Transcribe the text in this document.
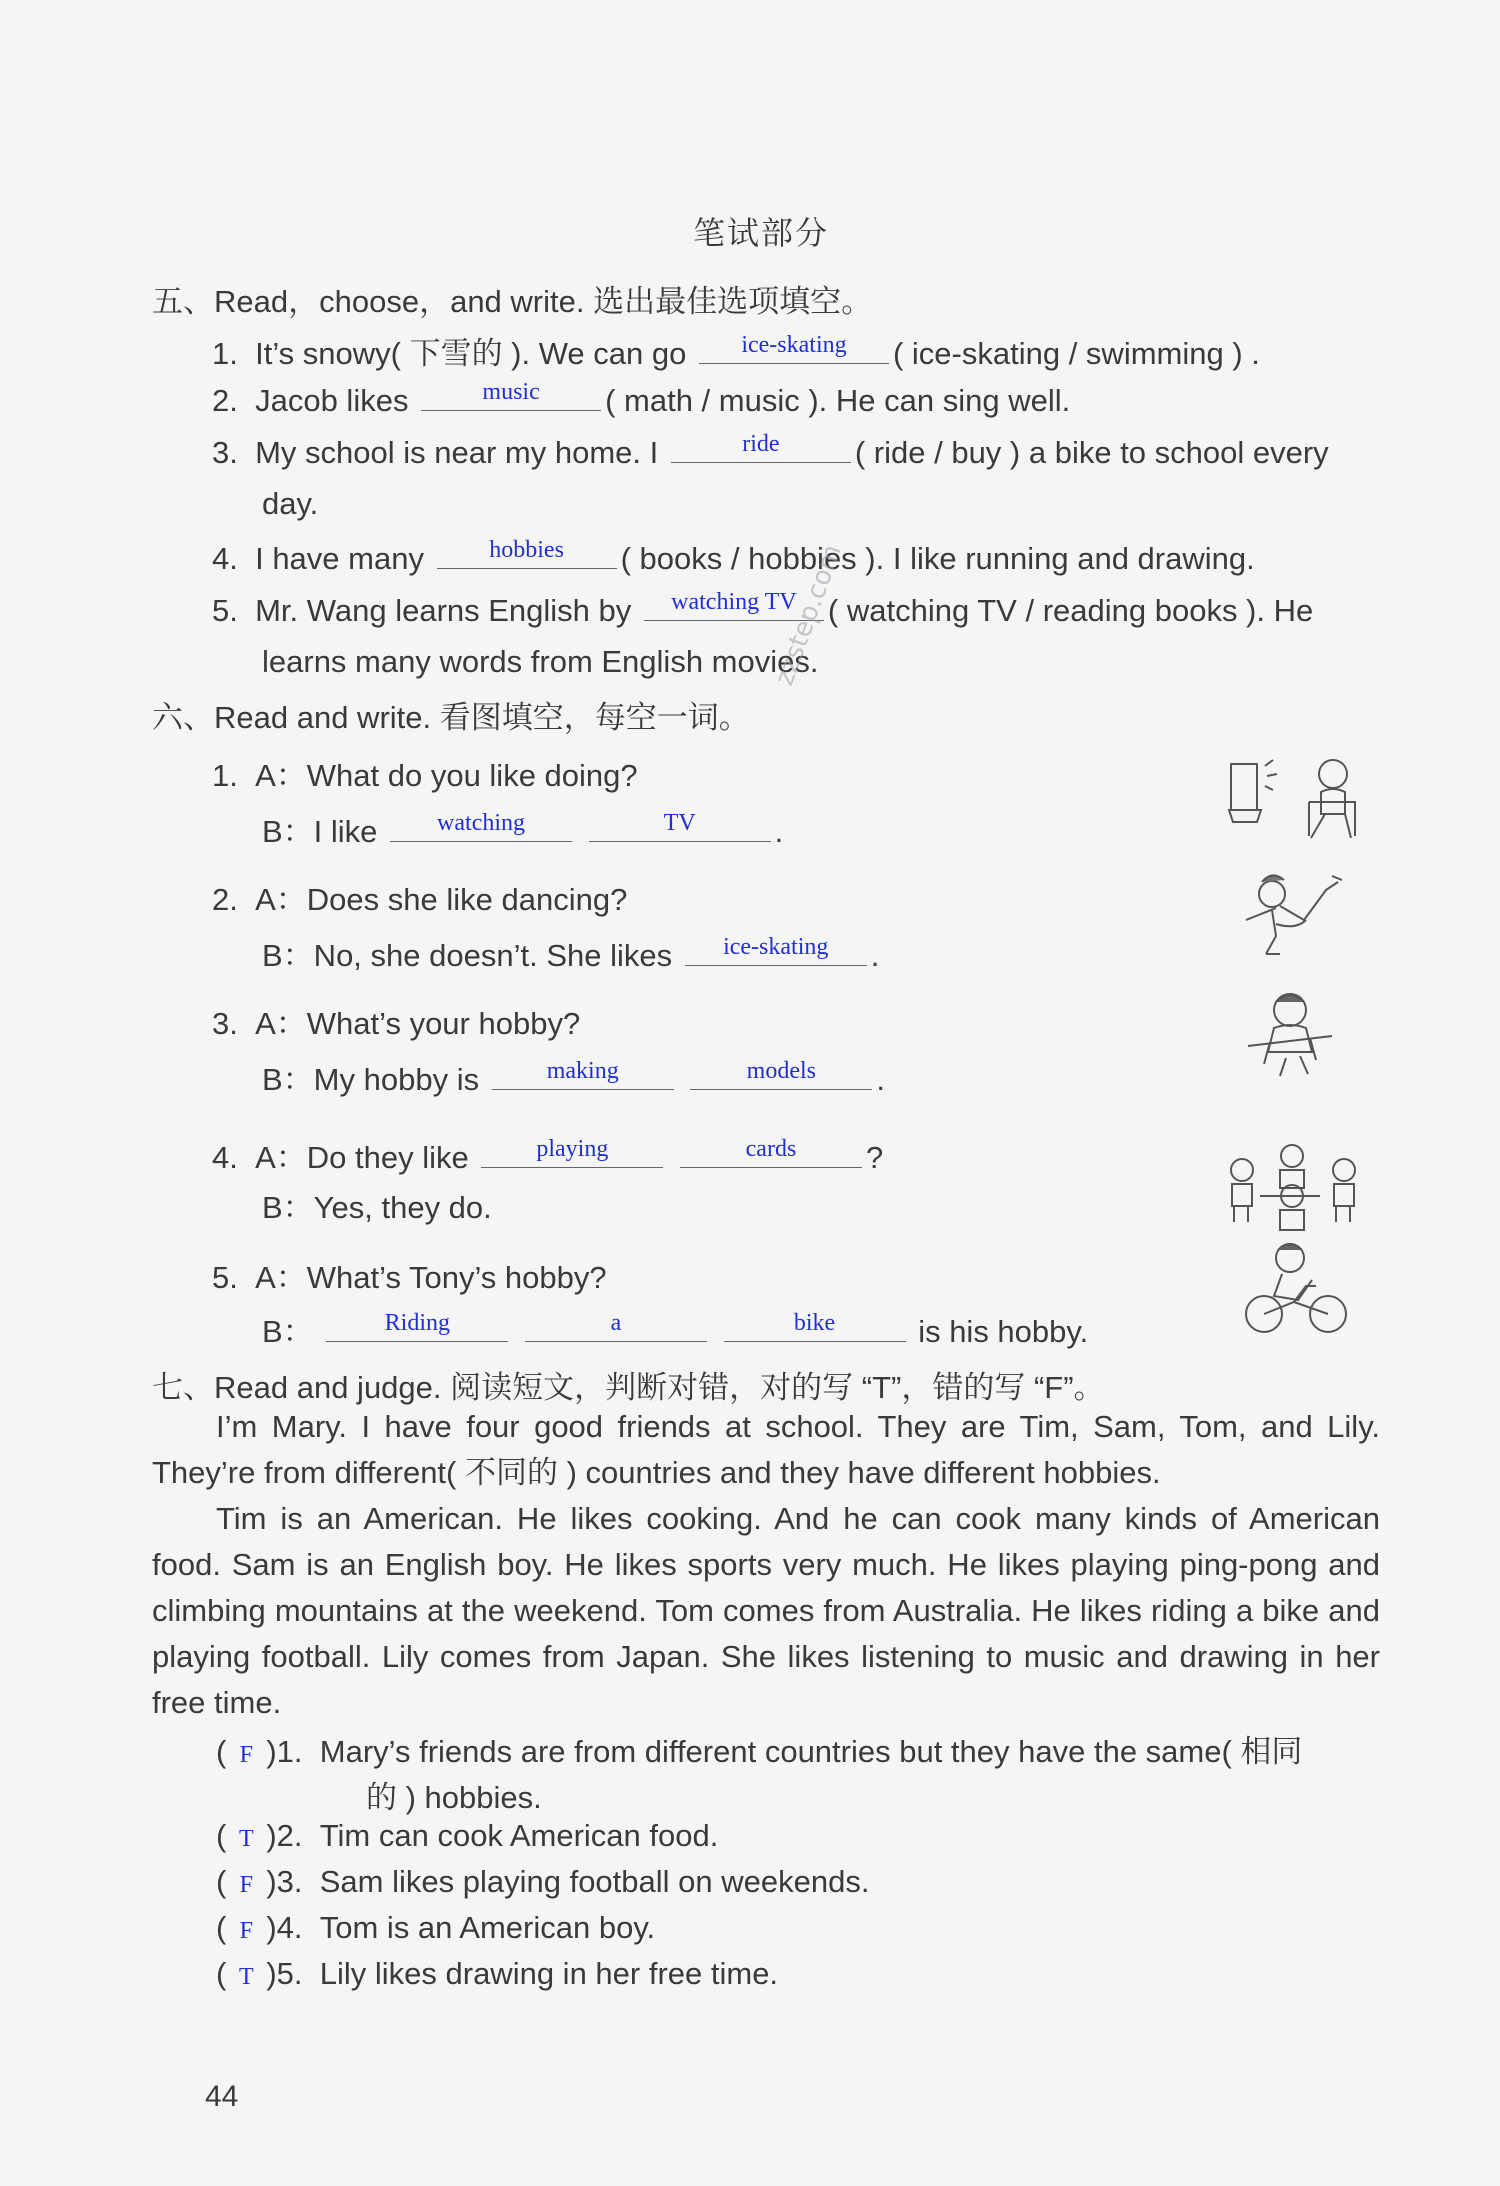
笔试部分
五、Read，choose，and write. 选出最佳选项填空。
1. It’s snowy( 下雪的 ). We can go	ice-skating	( ice-skating / swimming ) .
2. Jacob likes	music	( math / music ). He can sing well.
3. My school is near my home. I	ride	( ride / buy ) a bike to school every
day.
4. I have many	hobbies	( books / hobbies ). I like running and drawing.
5. Mr. Wang learns English by	watching TV	( watching TV / reading books ). He
learns many words from English movies.
zzstep.com
六、Read and write. 看图填空，每空一词。
1. A：What do you like doing?
B：I like	watching
	TV	.
2. A：Does she like dancing?
B：No, she doesn’t. She likes	ice-skating	.
3. A：What’s your hobby?
B：My hobby is	making
	models	.
4. A：Do they like	playing
	cards	?
B：Yes, they do.
5. A：What’s Tony’s hobby?
B：	Riding
	a
	bike	is his hobby.
七、Read and judge. 阅读短文，判断对错，对的写 “T”，错的写 “F”。
I’m Mary. I have four good friends at school. They are Tim, Sam, Tom, and Lily. They’re from different( 不同的 ) countries and they have different hobbies.
Tim is an American. He likes cooking. And he can cook many kinds of American food. Sam is an English boy. He likes sports very much. He likes playing ping-pong and climbing mountains at the weekend. Tom comes from Australia. He likes riding a bike and playing football. Lily comes from Japan. She likes listening to music and drawing in her free time.
( F )1. Mary’s friends are from different countries but they have the same( 相同
的 ) hobbies.
( T )2. Tim can cook American food.
( F )3. Sam likes playing football on weekends.
( F )4. Tom is an American boy.
( T )5. Lily likes drawing in her free time.
44
